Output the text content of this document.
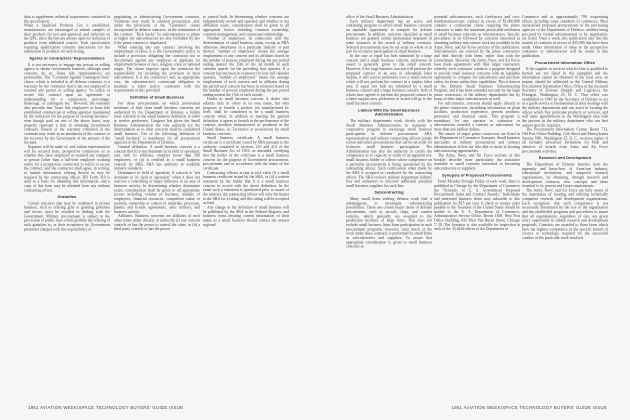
data to supplement technical requirements contained in the specification.

When a Qualified Products List is established, manufacturers are encouraged to submit samples of their products for test and approval, and inclusion on the QPL, since the lists are always open for inclusion of products from additional sources. Each specification requiring qualification contains instructions for the submission of products for such listing.

Agents or Contractors' Representatives

It is not necessary to engage any person or selling agency to obtain Government business, although some concerns do so. Bona fide representatives are permissible. The "Covenant Against Contingent Fees" clause, which is included in all defense contracts, is a warranty by the contractor that it has not employed or retained any person or selling agency "to solicit or secure this contract upon an agreement or understanding for a commission, percentage, brokerage, or contingent fee." However, the warranty also provides that "bona fide employees or bona fide established commercial or selling agencies maintained by the contractor for the purpose of securing business," even though paid on one of the above bases, may properly represent a firm in obtaining Government contracts. Breach of the warranty contained in the covenant may result in an annulment of the contract or the recovery by the Government of the amount of the fee paid.

Inquiries will be made of, and written representation will be secured from, prospective contractors as to whether they have employed or retained any company or person (other than a full-time employee working solely for a prospective contractor) to solicit or secure the contract, and the contractor shall agree, in writing, to furnish information relating thereto as may be required by the contracting officer. DD Form 319 is used as a basis for obtaining this information, and a copy of this form may be obtained from any military contracting officer.

Gratuities

Certain practices that may be condoned in private business, such as offering gifts or granting gratuities and favors, must be avoided in dealing with the Government. Military procurement is subject to the provisions of public laws which prohibit the offering of such gratuities to, or their acceptance by, Government personnel charged with the responsibility of

negotiating or administering Government contracts. Violations may result in criminal prosecution, and, under the provisions of the "Gratuities" clause incorporated in defense contracts, in the termination of the contract. "Kick backs" by subcontractors to prime or higher tier subcontractors are also forbidden by law if the prime contract is negotiated.

When entering into any contract involving the employment of labor, it is the Government's policy to include a provision obligating the contractor not to discriminate against any employee or applicant for employment because of race, religion, color, or national origin. The clause imposes upon the contractor the responsibility for including the provision in most subcontracts. It is the contractor's and, as appropriate case, the subcontractor's contractual obligation to maintain a labor policy consistent with the requirements of this provision.

Definition of Small Business

For those procurements on which preferential treatment of bids from small business concerns are authorized by the Department of Defense, a bidder must conform to the small business definition in order to receive preference. Congress has given the Small Business Administration the sole authority for the determination as to what concerns shall be considered small business. Use of the following definition of "small business" is mandatory for all procurement agencies in the Department of Defense.

General definition. A small business concern is a concern that (i) is not dominant in its field of operation; and, with its affiliates, employs fewer than 500 employees, or (ii) is certified as a small business concern by SBA. SBA has authority to establish industry standards.

Dominance in field of operation. A concern is "not dominant in its field of operation" when it does not exercise a controlling or major influence in an area of business activity. In determining whether dominance exists, consideration shall be given to all appropriate factors including volume of business, number of employees, financial resources, competitive status or position, ownership or control of materials, processes, patents and license agreements, sales territory, and business activity.

Affiliates. Business concerns are affiliates of each other when either directly or indirectly (i) one concern controls or has the power to control the other, or (ii) a third party controls or has the power

to control both. In determining whether concerns are independently owned and operated and whether or not affiliation exists, consideration shall be given to all appropriate factors including common ownership, common management, and contractual relationships.

Number of employees. In connection with the determination of small business status, except as SBA otherwise determines in a particular industry or part thereof, "number of employees" means the average employment of any concern and its affiliates based on the number of persons employed during the pay period ending nearest the 15th of the 3d month in each calendar quarter for the preceding four quarters. If a concern has not been in existence for four full calendar quarters, "number of employees" means the average employment of such concern and its affiliates during the period such concern has been in existence based on the number of persons employed during the pay period ending nearest the 15th of each month.

Dealer as small business concern. A dealer who submits bids or offers in its own name, but who proposes to furnish a product not manufactured by itself, shall be considered to be a small business concern when, in addition to meeting the general definition, it agrees to furnish in the performance of the contract, products manufactured or produced in the United States, its Territories or possessions by small business concerns.

Small business certificate. A small business certificate is a certificate issued by SBA pursuant to the authority contained in sections 210 and 212 of the Small Business Act of 1953, as amended, certifying that the holder of the certificate is a small business concern for the purpose of Government procurement, procurement and in accordance with the terms of the certificate.

Contracting officers accept at face value (i) a small business certificate issued by the SBA, or (ii) a written statement by the bidder that it is a small business concern in accord with the above definition. In the event such a statement is questioned prior to award of the contract, the contracting officer will refer the matter to the SBA for a ruling, and this ruling will be accepted as final.

Any change in the definition of small business will be published by the SBA in the Federal Register, and business firms desiring current information of their status as a small business should contact the nearest regional

office of the Small Business Administration.

Each military department has an active and continuing program to afford small business concerns an equitable opportunity to compete for defense procurement. In addition, concerns classified as small business are granted certain preferential treatment in some instances in the award of military contracts. Selected procurements may be set aside in whole or in part for exclusive participation of small business.

In the case of equal low bids submitted by a large concern and a small business concern, preference in award is generally given to the small concern. However, if the large business concern will perform the proposed contract in an area of substantial labor surplus, it will receive preference over a small concern which will not perform the contract in a surplus labor area. If equal low bids are submitted by a small business concern and a large business concern, both of whom have agreed to perform the proposed contract in a labor surplus area, preference in award will go to the small business concern.

Liaison With the Small Business Administration

The military departments work closely with the Small Business Administration to maintain a cooperative program to encourage small business participation in defense procurement. SBA representatives and military contracting officers jointly screen and select procurements that can be set aside for exclusive small business participation. The Administration has also the authority to certify the competence as to capacity or credit of an apparent low small business bidder or offeror whose competence on a particular procurement is being questioned by the contracting officer. Such certification when made by the SBA is accepted as conclusive by the contracting officer. The SBA reviews military department bidders' lists and endeavors to discover additional potential small business suppliers for such lists.

Subcontracting

Many small firms seeking defense work find it advantageous to investigate subcontracting possibilities. There are certain major items of defense procurement, such as aircraft, ships, and combat vehicles, which generally are awarded to the production facilities of large firms. This does not exclude small business firms from participation in such procurement programs, however, since much of the work under these contracts is performed by small firms as subcontractors and suppliers. To assure that appropriate consideration is given to small business concerns as

potential subcontractors, each fixed-price and cost-reimbursement-type contract in excess of $1,000,000 contains a contractual clause requiring the prime contractor to make the maximum practicable utilization of small business concerns as subcontractors. Specific procedures to be followed by concerns interested in obtaining military subcontract work are available in the Army, Navy, and Air Force sections of this publication. Subcontractors are selected by the prime contractors and deal directly with them, rather than with the Government. However, the Army, Navy, and Air Force have made agreements with their larger contractors whereby each contractor conducts a program designed to provide small business concerns with an equitable opportunity to compete for subcontracts and purchase orders for items within their capabilities. This is known as the Defense Small Business Subcontracting Program, and it has been extended not only by the large prime contractors of the military departments but by many of their major subcontractors as well.

For subcontracts, concerns should apply directly to the prime contractors, furnishing information on plant facilities, production experience, present products, personnel, and financial status. This program is mandatory for any operator or contractor or subcontractor awarded a contract or subcontract for more than one million dollars.

The names of major prime contractors are listed in the Department of Commerce Synopsis. Small business specialists at military procurement and contract administration offices are also able to assist in locating subcontracting opportunities.

The Army, Navy, and Air Force sections of this booklet describe more particularly the assistance available to small concerns interested in becoming subcontractors or suppliers.

Synopsis of Proposed Procurements

From Monday through Friday of each week, there is published in Chicago by the Department of Commerce the "Synopsis of U. S. Government Proposed Procurement, Sales and Contract Awards." Individuals and interested business firms may subscribe to this publication for $15 per year. A check or money order payable to the Treasurer of the United States should be mailed to the U. S. Department of Commerce, Administrative Service Office, Room 1300, New Post Office Building, 433 West Van Buren Street, Chicago 7, Ill. The Synopsis is also available for inspection at each of the 33 field offices of the Department of

Commerce and at approximately 700 cooperating offices including some chambers of commerce. Most unclassified proposed procurements of the purchasing agencies of the Department of Defense, whether being procured by formal advertisement or by negotiation, are listed. Once a week, this publication also lists the awards of contracts in excess of $25,000 that have been made. Other information of value to the prospective contractor or subcontractor will be found in this publication.

Procurement Information Office

If the supplies or services which a firm is qualified to furnish are not listed in this pamphlet and the information cannot be obtained in the local area, an inquiry should be addressed to the Central Military Procurement Information Office, Office of the Assistant Secretary of Defense (Supply and Logistics), the Pentagon, Washington 25, D. C. That office was established in 1949 by the Secretary of Defense to act as a guide service to businessmen in their dealings with the military departments and can assist in locating the offices which buy particular products or services, and will make appointments in the Washington area with the persons in the military department who can best answer specific inquiries.

The Procurement Information Center, Room 712, Old Post Office Building, 12th Street and Pennsylvania Avenue NW., Washington 25, D. C., receives copies of all formally advertised Invitations for Bids and abstracts of awards from Army and Air Force procurement activities.

Research and Development

The Department of Defense benefits from the ingenuity and know-how of American industry, educational institutions, and nonprofit research organizations, by obtaining, through research and development contracts, new concepts and ideas essential to its present and future requirements.

The Army, Navy, and Air Force are fully aware of the importance of locating and utilizing technically competent research and development organizations. Each recognizes that such competence is not necessarily determined by the size of the organization and has established programs and procedures to insure that all organizations, regardless of size, are given every opportunity to submit research and development proposals. Contracts are awarded to those firms which have the highest competence in the specific branch of science or technology required for the successful conduct of the particular work involved.

1961 AVIATION WEEK/SPACE TECHNOLOGY BUYERS' GUIDE ISSUE	1961 AVIATION WEEK/SPACE TECHNOLOGY BUYERS' GUIDE ISSUE
